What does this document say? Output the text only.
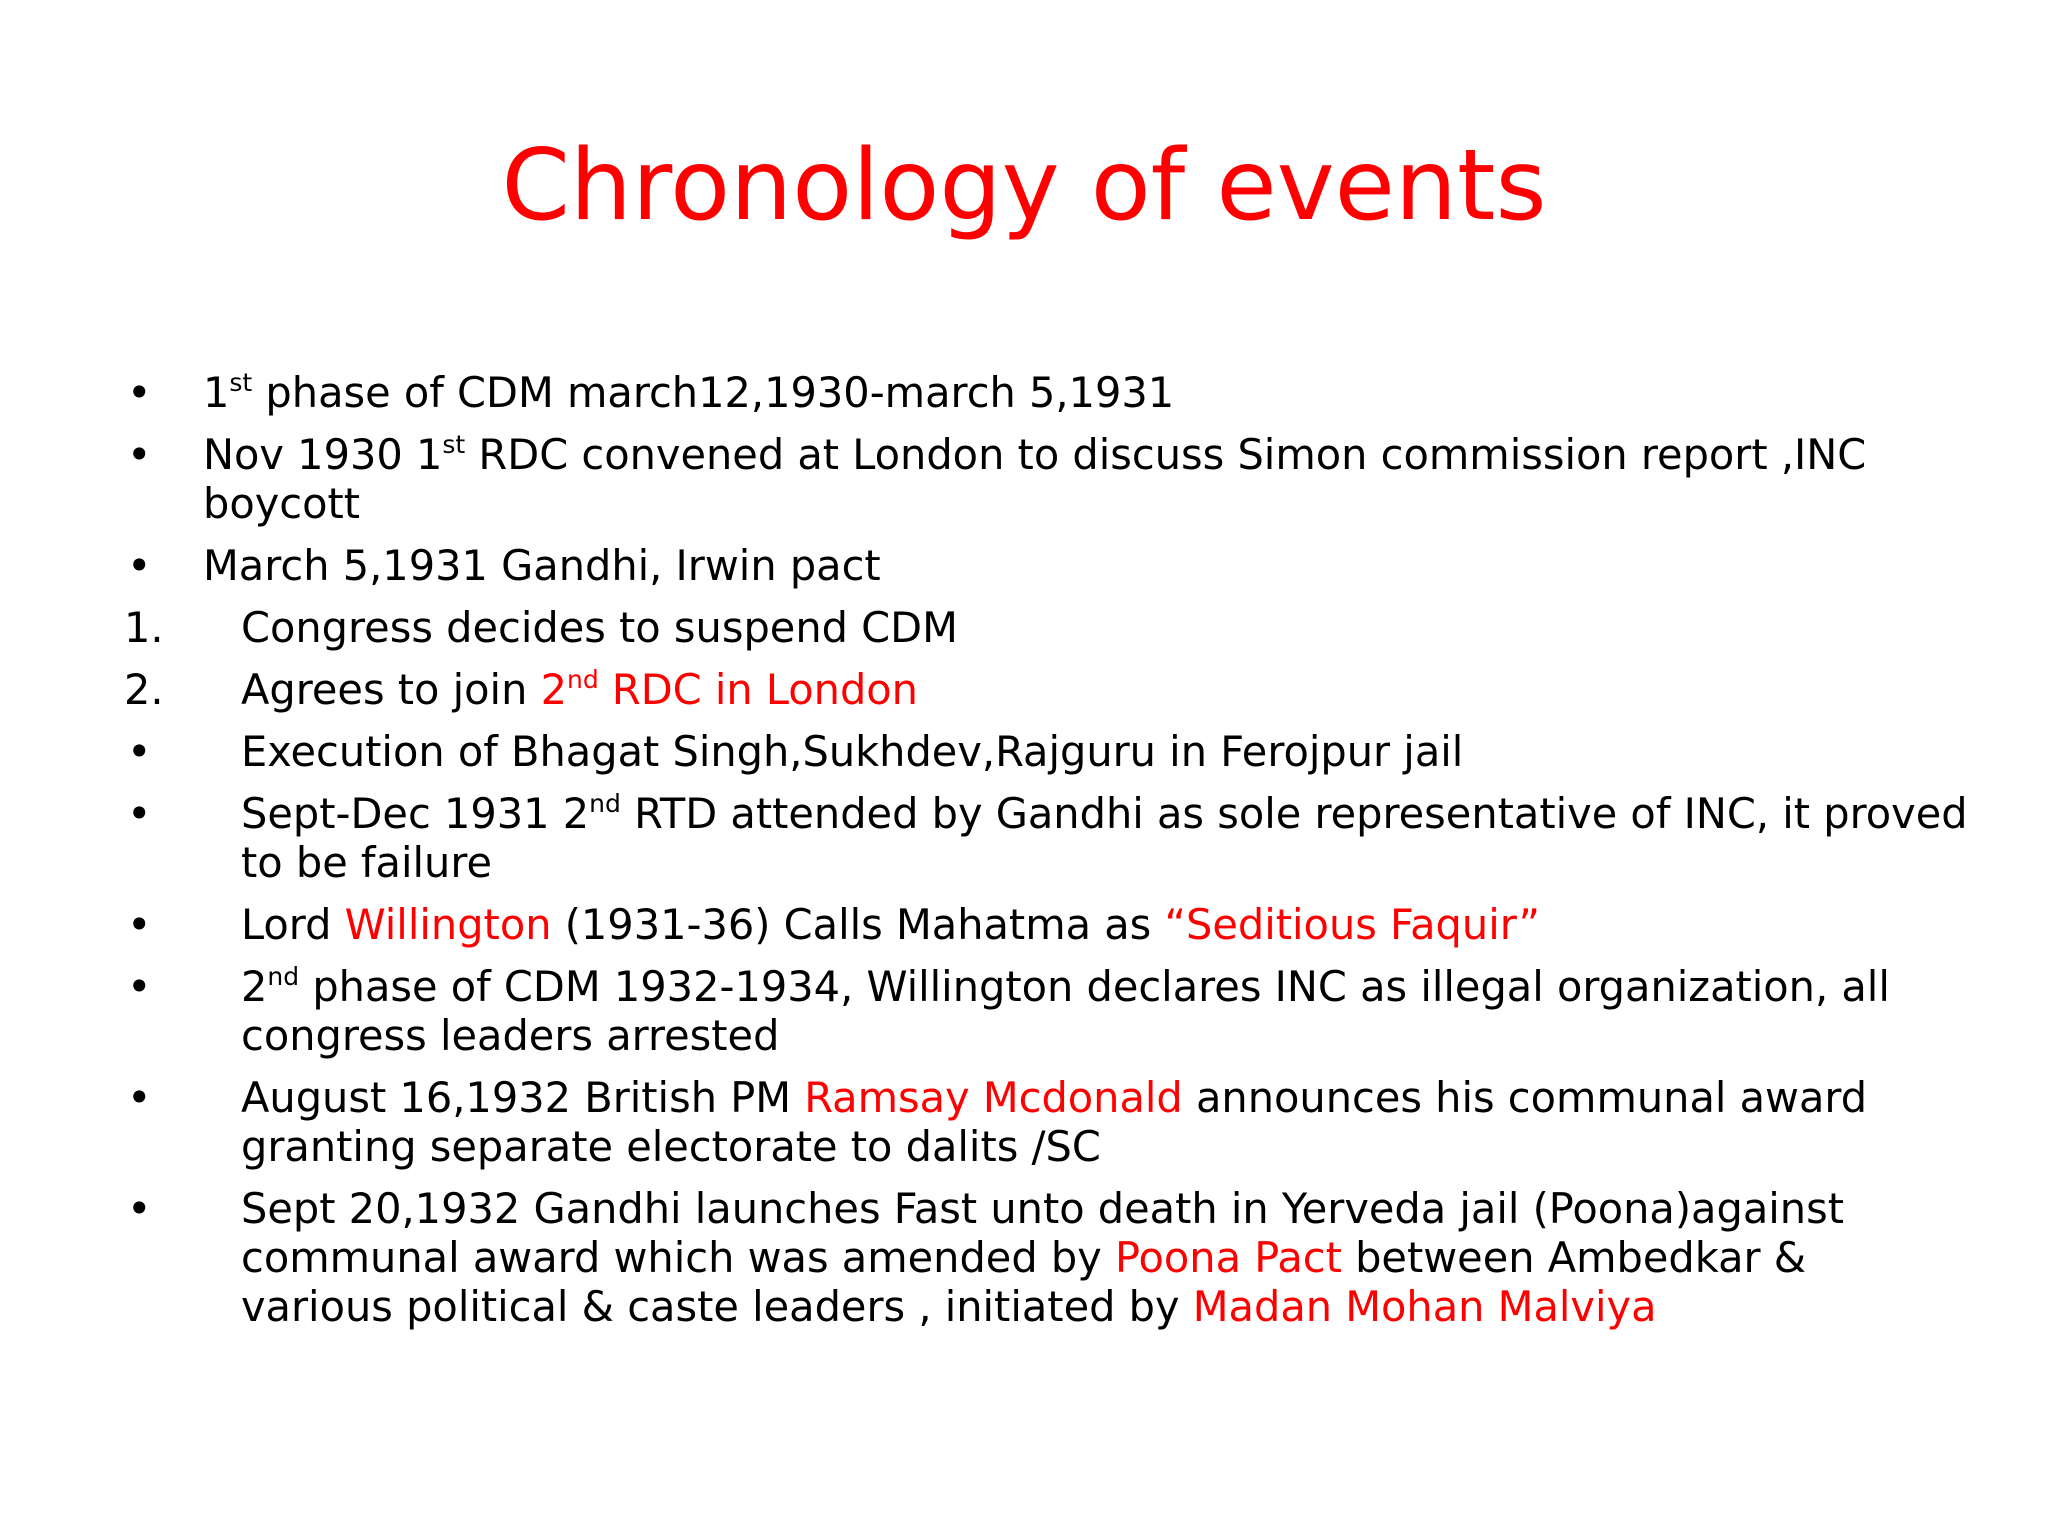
Chronology of events
•	1st phase of CDM march12,1930-march 5,1931
•	Nov 1930 1st RDC convened at London to discuss Simon commission report ,INC boycott
•	March 5,1931 Gandhi, Irwin pact
1.	Congress decides to suspend CDM
2.	Agrees to join 2nd RDC in London
•	Execution of Bhagat Singh,Sukhdev,Rajguru in Ferojpur jail
•	Sept-Dec 1931 2nd RTD attended by Gandhi as sole representative of INC, it proved to be failure
•	Lord Willington (1931-36) Calls Mahatma as “Seditious Faquir”
•	2nd phase of CDM 1932-1934, Willington declares INC as illegal organization, all congress leaders arrested
•	August 16,1932 British PM Ramsay Mcdonald announces his communal award granting separate electorate to dalits /SC
•	Sept 20,1932 Gandhi launches Fast unto death in Yerveda jail (Poona)against communal award which was amended by Poona Pact between Ambedkar & various political & caste leaders , initiated by Madan Mohan Malviya
